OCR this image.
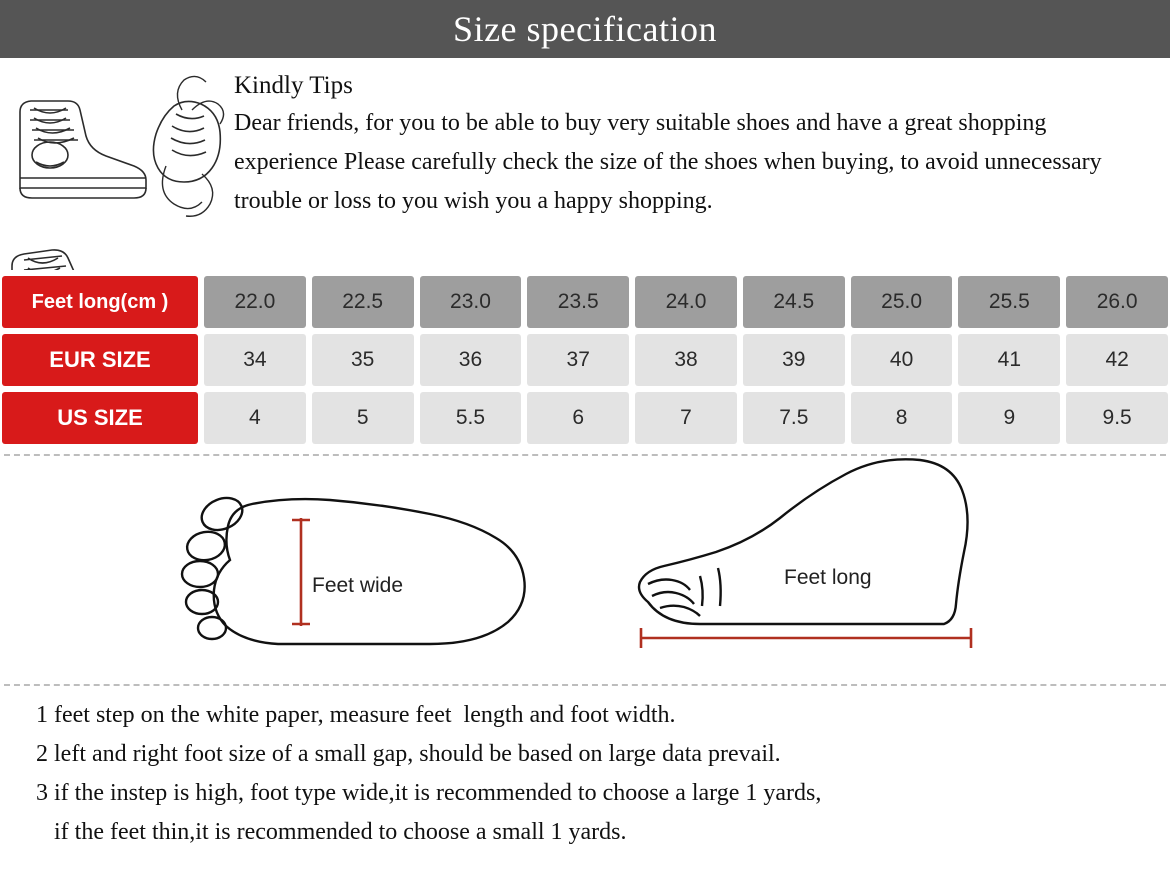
Size specification
Kindly Tips
Dear friends, for you to be able to buy very suitable shoes and have a great shopping experience Please carefully check the size of the shoes when buying, to avoid unnecessary trouble or loss to you wish you a happy shopping.
Feet long(cm )	22.0	22.5	23.0	23.5	24.0	24.5	25.0	25.5	26.0
EUR SIZE	34	35	36	37	38	39	40	41	42
US SIZE	4	5	5.5	6	7	7.5	8	9	9.5
Feet wide	Feet long
1 feet step on the white paper, measure feet  length and foot width.
2 left and right foot size of a small gap, should be based on large data prevail.
3 if the instep is high, foot type wide,it is recommended to choose a large 1 yards,
if the feet thin,it is recommended to choose a small 1 yards.
